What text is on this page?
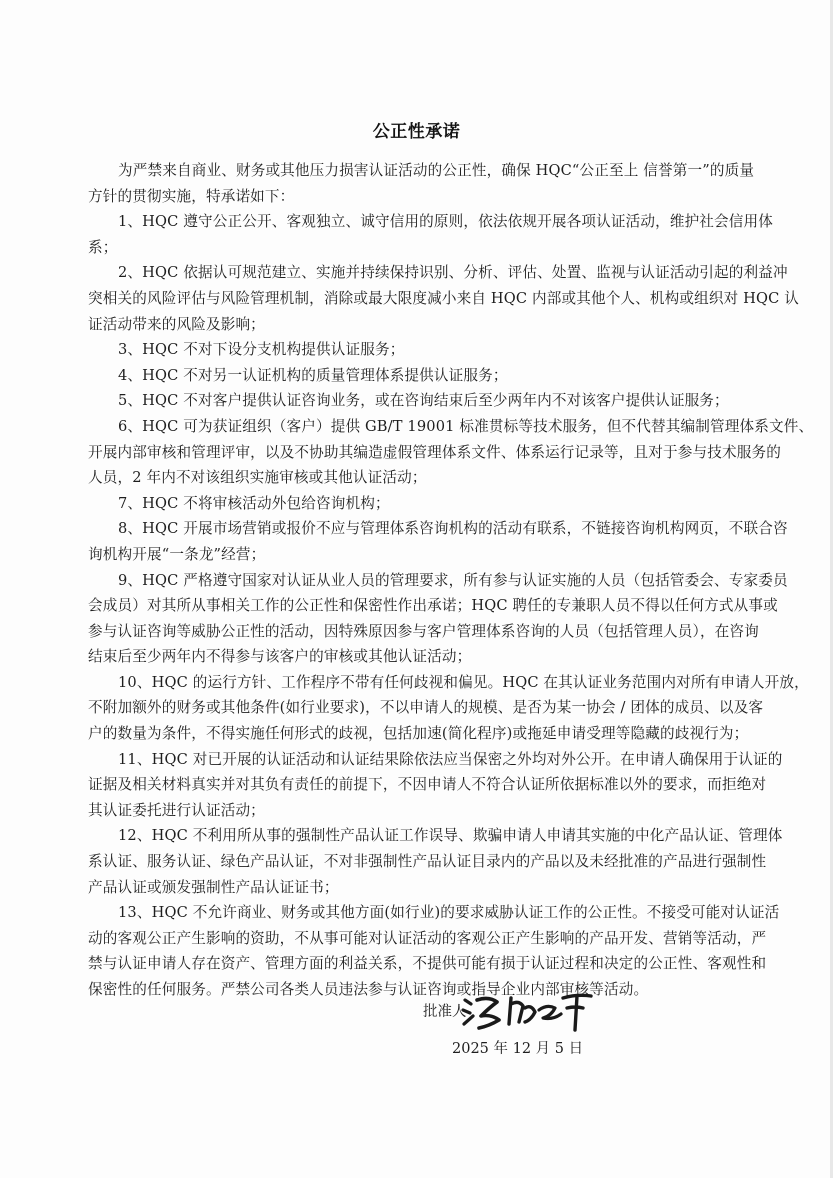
公正性承诺
为严禁来自商业、财务或其他压力损害认证活动的公正性，确保 HQC“公正至上 信誉第一”的质量
方针的贯彻实施，特承诺如下：
1、HQC 遵守公正公开、客观独立、诚守信用的原则，依法依规开展各项认证活动，维护社会信用体
系；
2、HQC 依据认可规范建立、实施并持续保持识别、分析、评估、处置、监视与认证活动引起的利益冲
突相关的风险评估与风险管理机制，消除或最大限度减小来自 HQC 内部或其他个人、机构或组织对 HQC 认
证活动带来的风险及影响；
3、HQC 不对下设分支机构提供认证服务；
4、HQC 不对另一认证机构的质量管理体系提供认证服务；
5、HQC 不对客户提供认证咨询业务，或在咨询结束后至少两年内不对该客户提供认证服务；
6、HQC 可为获证组织（客户）提供 GB/T 19001 标准贯标等技术服务，但不代替其编制管理体系文件、
开展内部审核和管理评审，以及不协助其编造虚假管理体系文件、体系运行记录等，且对于参与技术服务的
人员，2 年内不对该组织实施审核或其他认证活动；
7、HQC 不将审核活动外包给咨询机构；
8、HQC 开展市场营销或报价不应与管理体系咨询机构的活动有联系，不链接咨询机构网页，不联合咨
询机构开展“一条龙”经营；
9、HQC 严格遵守国家对认证从业人员的管理要求，所有参与认证实施的人员（包括管委会、专家委员
会成员）对其所从事相关工作的公正性和保密性作出承诺；HQC 聘任的专兼职人员不得以任何方式从事或
参与认证咨询等威胁公正性的活动，因特殊原因参与客户管理体系咨询的人员（包括管理人员），在咨询
结束后至少两年内不得参与该客户的审核或其他认证活动；
10、HQC 的运行方针、工作程序不带有任何歧视和偏见。HQC 在其认证业务范围内对所有申请人开放，
不附加额外的财务或其他条件(如行业要求)，不以申请人的规模、是否为某一协会 / 团体的成员、以及客
户的数量为条件，不得实施任何形式的歧视，包括加速(简化程序)或拖延申请受理等隐藏的歧视行为；
11、HQC 对已开展的认证活动和认证结果除依法应当保密之外均对外公开。在申请人确保用于认证的
证据及相关材料真实并对其负有责任的前提下，不因申请人不符合认证所依据标准以外的要求，而拒绝对
其认证委托进行认证活动；
12、HQC 不利用所从事的强制性产品认证工作误导、欺骗申请人申请其实施的中化产品认证、管理体
系认证、服务认证、绿色产品认证，不对非强制性产品认证目录内的产品以及未经批准的产品进行强制性
产品认证或颁发强制性产品认证证书；
13、HQC 不允许商业、财务或其他方面(如行业)的要求威胁认证工作的公正性。不接受可能对认证活
动的客观公正产生影响的资助，不从事可能对认证活动的客观公正产生影响的产品开发、营销等活动，严
禁与认证申请人存在资产、管理方面的利益关系，不提供可能有损于认证过程和决定的公正性、客观性和
保密性的任何服务。严禁公司各类人员违法参与认证咨询或指导企业内部审核等活动。
批准人
2025 年 12 月 5 日
